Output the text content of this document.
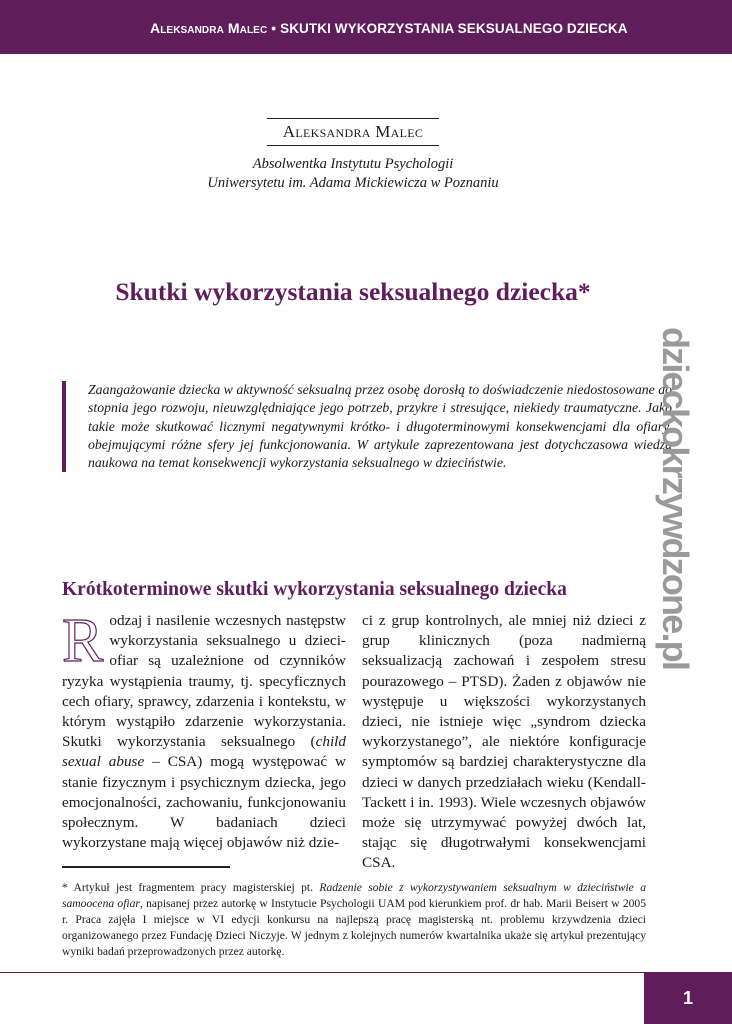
Aleksandra Malec • SKUTKI WYKORZYSTANIA SEKSUALNEGO DZIECKA
Aleksandra Malec
Absolwentka Instytutu Psychologii
Uniwersytetu im. Adama Mickiewicza w Poznaniu
Skutki wykorzystania seksualnego dziecka*
Zaangażowanie dziecka w aktywność seksualną przez osobę dorosłą to doświadczenie niedostosowane do stopnia jego rozwoju, nieuwzględniające jego potrzeb, przykre i stresujące, niekiedy traumatyczne. Jako takie może skutkować licznymi negatywnymi krótko- i długoterminowymi konsekwencjami dla ofiary, obejmującymi różne sfery jej funkcjonowania. W artykule zaprezentowana jest dotychczasowa wiedza naukowa na temat konsekwencji wykorzystania seksualnego w dzieciństwie.	dzieckokrzywdzone.pl
Krótkoterminowe skutki wykorzystania seksualnego dziecka

Rodzaj i nasilenie wczesnych następstw wykorzystania seksualnego u dzieci-ofiar są uzależnione od czynników ryzyka wystąpienia traumy, tj. specyficznych cech ofiary, sprawcy, zdarzenia i kontekstu, w którym wystąpiło zdarzenie wykorzystania. Skutki wykorzystania seksualnego (child sexual abuse – CSA) mogą występować w stanie fizycznym i psychicznym dziecka, jego emocjonalności, zachowaniu, funkcjonowaniu społecznym. W badaniach dzieci wykorzystane mają więcej objawów niż dzie-

ci z grup kontrolnych, ale mniej niż dzieci z grup klinicznych (poza nadmierną seksualizacją zachowań i zespołem stresu pourazowego – PTSD). Żaden z objawów nie występuje u większości wykorzystanych dzieci, nie istnieje więc „syndrom dziecka wykorzystanego”, ale niektóre konfiguracje symptomów są bardziej charakterystyczne dla dzieci w danych przedziałach wieku (Kendall-Tackett i in. 1993). Wiele wczesnych objawów może się utrzymywać powyżej dwóch lat, stając się długotrwałymi konsekwencjami CSA.

* Artykuł jest fragmentem pracy magisterskiej pt. Radzenie sobie z wykorzystywaniem seksualnym w dzieciństwie a samoocena ofiar, napisanej przez autorkę w Instytucie Psychologii UAM pod kierunkiem prof. dr hab. Marii Beisert w 2005 r. Praca zajęła I miejsce w VI edycji konkursu na najlepszą pracę magisterską nt. problemu krzywdzenia dzieci organizowanego przez Fundację Dzieci Niczyje. W jednym z kolejnych numerów kwartalnika ukaże się artykuł prezentujący wyniki badań przeprowadzonych przez autorkę.
1
